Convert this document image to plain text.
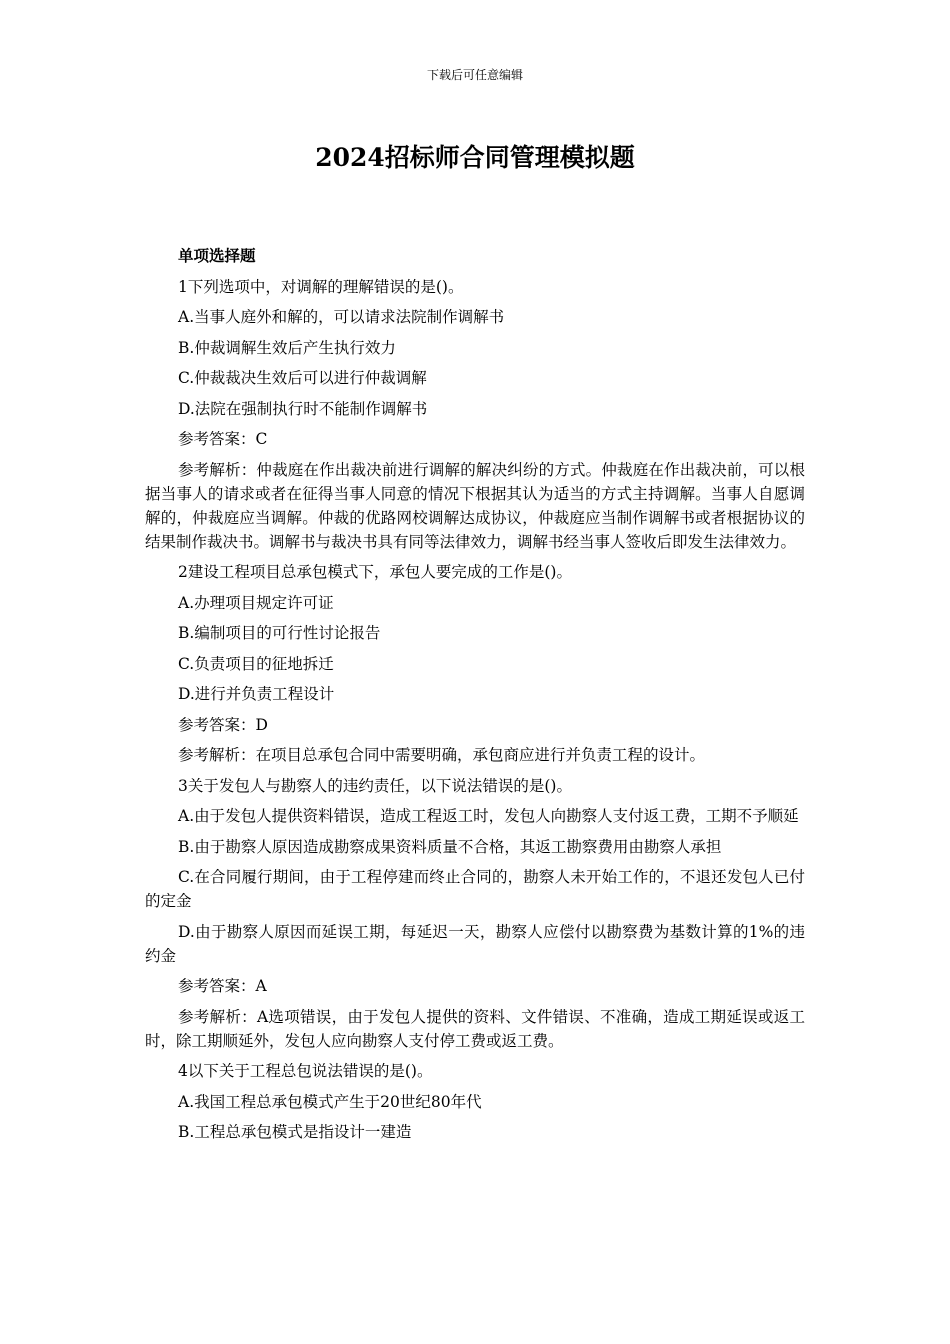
下载后可任意编辑
2024招标师合同管理模拟题

单项选择题

1下列选项中，对调解的理解错误的是()。

A.当事人庭外和解的，可以请求法院制作调解书

B.仲裁调解生效后产生执行效力

C.仲裁裁决生效后可以进行仲裁调解

D.法院在强制执行时不能制作调解书

参考答案：C

参考解析：仲裁庭在作出裁决前进行调解的解决纠纷的方式。仲裁庭在作出裁决前，可以根据当事人的请求或者在征得当事人同意的情况下根据其认为适当的方式主持调解。当事人自愿调解的，仲裁庭应当调解。仲裁的优路网校调解达成协议，仲裁庭应当制作调解书或者根据协议的结果制作裁决书。调解书与裁决书具有同等法律效力，调解书经当事人签收后即发生法律效力。

2建设工程项目总承包模式下，承包人要完成的工作是()。

A.办理项目规定许可证

B.编制项目的可行性讨论报告

C.负责项目的征地拆迁

D.进行并负责工程设计

参考答案：D

参考解析：在项目总承包合同中需要明确，承包商应进行并负责工程的设计。

3关于发包人与勘察人的违约责任，以下说法错误的是()。

A.由于发包人提供资料错误，造成工程返工时，发包人向勘察人支付返工费，工期不予顺延

B.由于勘察人原因造成勘察成果资料质量不合格，其返工勘察费用由勘察人承担

C.在合同履行期间，由于工程停建而终止合同的，勘察人未开始工作的，不退还发包人已付的定金

D.由于勘察人原因而延误工期，每延迟一天，勘察人应偿付以勘察费为基数计算的1%的违约金

参考答案：A

参考解析：A选项错误，由于发包人提供的资料、文件错误、不准确，造成工期延误或返工时，除工期顺延外，发包人应向勘察人支付停工费或返工费。

4以下关于工程总包说法错误的是()。

A.我国工程总承包模式产生于20世纪80年代

B.工程总承包模式是指设计一建造
